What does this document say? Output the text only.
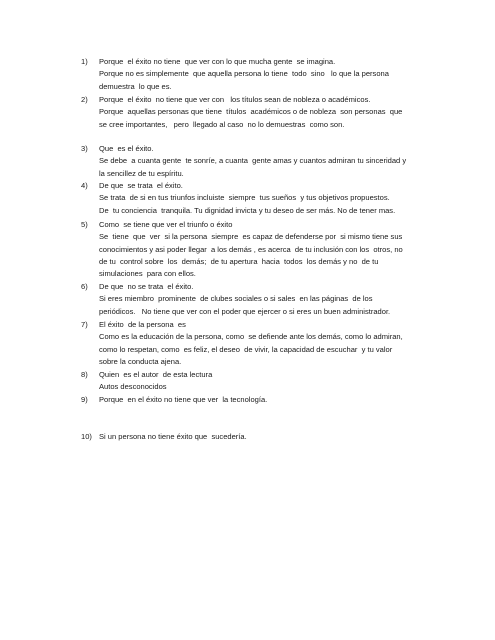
1)	Porque  el éxito no tiene  que ver con lo que mucha gente  se imagina.
Porque no es simplemente  que aquella persona lo tiene  todo  sino   lo que la persona
demuestra  lo que es.
2)	Porque  el éxito  no tiene que ver con   los títulos sean de nobleza o académicos.
Porque  aquellas personas que tiene  títulos  académicos o de nobleza  son personas  que
se cree importantes,   pero  llegado al caso  no lo demuestras  como son.
3)	Que  es el éxito.
Se debe  a cuanta gente  te sonríe, a cuanta  gente amas y cuantos admiran tu sinceridad y
la sencillez de tu espíritu.
4)	De que  se trata  el éxito.
Se trata  de si en tus triunfos incluiste  siempre  tus sueños  y tus objetivos propuestos.
De  tu conciencia  tranquila. Tu dignidad invicta y tu deseo de ser más. No de tener mas.
5)	Como  se tiene que ver el triunfo o éxito
Se  tiene  que  ver  si la persona  siempre  es capaz de defenderse por  si mismo tiene sus
conocimientos y asi poder llegar  a los demás , es acerca  de tu inclusión con los  otros, no
de tu  control sobre  los  demás;  de tu apertura  hacia  todos  los demás y no  de tu
simulaciones  para con ellos.
6)	De que  no se trata  el éxito.
Si eres miembro  prominente  de clubes sociales o si sales  en las páginas  de los
periódicos.   No tiene que ver con el poder que ejercer o si eres un buen administrador.
7)	El éxito  de la persona  es
Como es la educación de la persona, como  se defiende ante los demás, como lo admiran,
como lo respetan, como  es feliz, el deseo  de vivir, la capacidad de escuchar  y tu valor
sobre la conducta ajena.
8)	Quien  es el autor  de esta lectura
Autos desconocidos
9)	Porque  en el éxito no tiene que ver  la tecnología.
10) Si un persona no tiene éxito que  sucedería.
